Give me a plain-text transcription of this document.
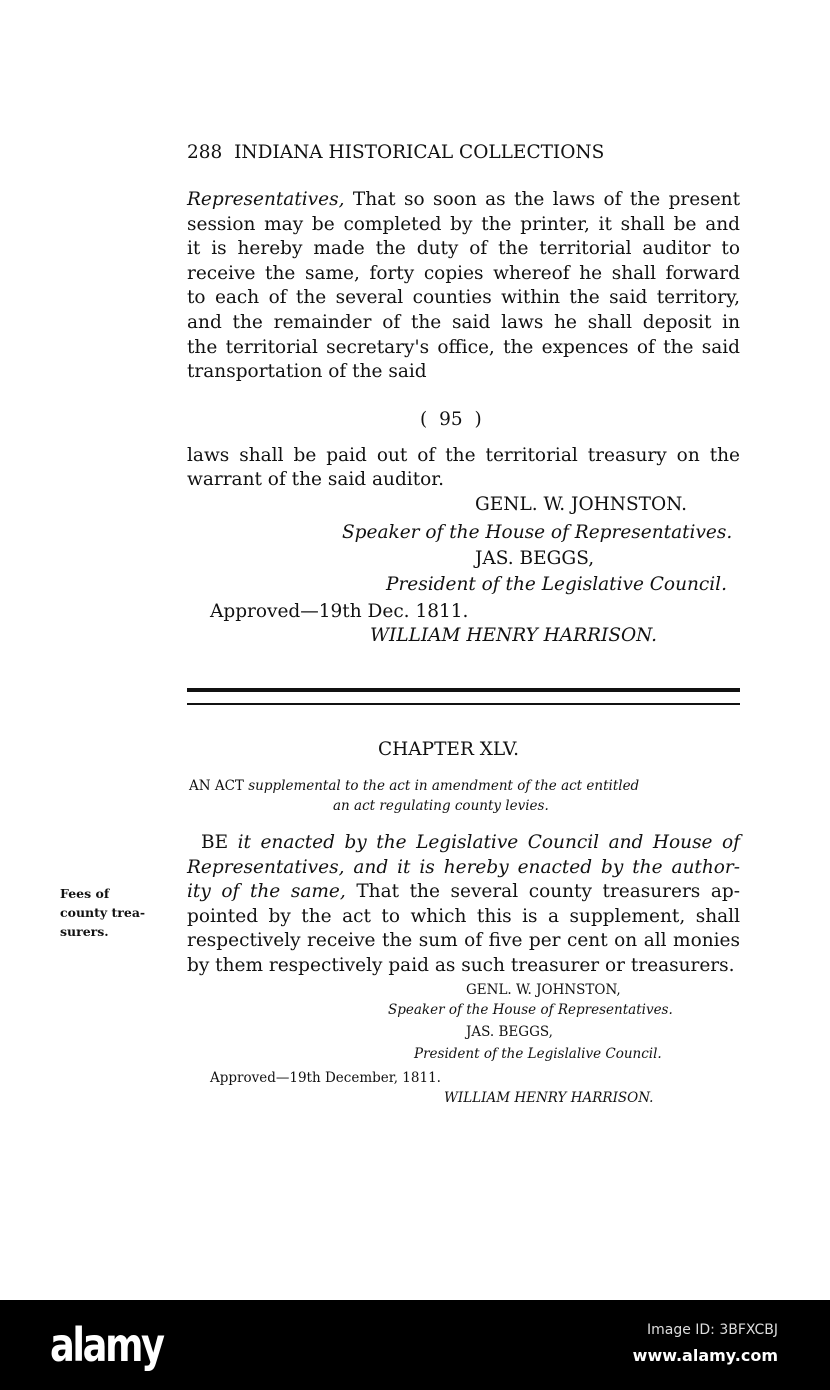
288 INDIANA HISTORICAL COLLECTIONS
Representatives, That so soon as the laws of the present
session may be completed by the printer, it shall be and
it is hereby made the duty of the territorial auditor to
receive the same, forty copies whereof he shall forward
to each of the several counties within the said territory,
and the remainder of the said laws he shall deposit in
the territorial secretary's office, the expences of the said
transportation of the said
( 95 )
laws shall be paid out of the territorial treasury on the
warrant of the said auditor.
GENL. W. JOHNSTON.
Speaker of the House of Representatives.
JAS. BEGGS,
President of the Legislative Council.
Approved—19th Dec. 1811.
WILLIAM HENRY HARRISON.
CHAPTER XLV.
AN ACT supplemental to the act in amendment of the act entitled
an act regulating county levies.
BE it enacted by the Legislative Council and House of
Representatives, and it is hereby enacted by the author-
ity of the same, That the several county treasurers ap-
pointed by the act to which this is a supplement, shall
respectively receive the sum of five per cent on all monies
by them respectively paid as such treasurer or treasurers.
Fees of
county trea-
surers.
GENL. W. JOHNSTON,
Speaker of the House of Representatives.
JAS. BEGGS,
President of the Legislalive Council.
Approved—19th December, 1811.
WILLIAM HENRY HARRISON.
alamy	Image ID: 3BFXCBJ
www.alamy.com
